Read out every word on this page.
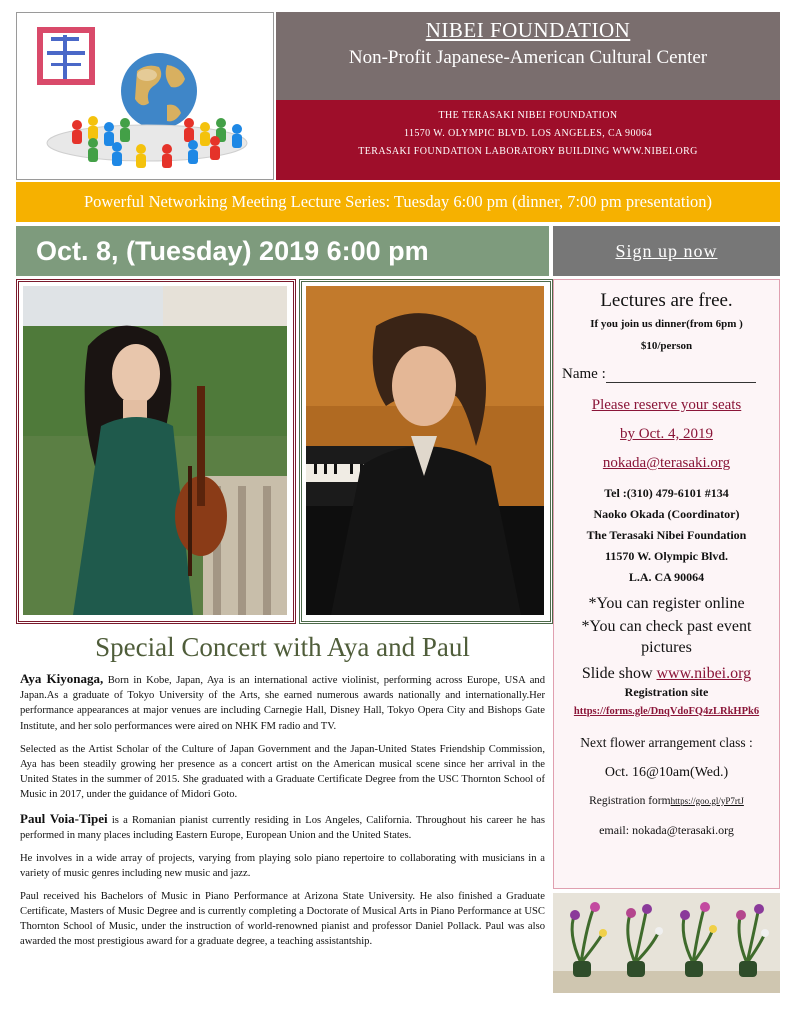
NIBEI FOUNDATION
Non-Profit Japanese-American Cultural Center
THE TERASAKI NIBEI FOUNDATION
11570 W. OLYMPIC BLVD. LOS ANGELES, CA 90064
TERASAKI FOUNDATION LABORATORY BUILDING WWW.NIBEI.ORG
Powerful Networking Meeting Lecture Series: Tuesday 6:00 pm (dinner, 7:00 pm presentation)
Oct. 8, (Tuesday) 2019 6:00 pm	Sign up now
Lectures are free.
If you join us dinner(from 6pm )
$10/person
Name :
Please reserve your seats
by Oct. 4, 2019
nokada@terasaki.org
Tel :(310) 479-6101 #134
Naoko Okada (Coordinator)
The Terasaki Nibei Foundation
11570 W. Olympic Blvd.
L.A. CA 90064
*You can register online
*You can check past event pictures
Slide show www.nibei.org
Registration site
https://forms.gle/DnqVdoFQ4zLRkHPk6
Next flower arrangement class :
Oct. 16@10am(Wed.)
Registration formhttps://goo.gl/yP7rtJ
email: nokada@terasaki.org
Special Concert with Aya and Paul

Aya Kiyonaga, Born in Kobe, Japan, Aya is an international active violinist, performing across Europe, USA and Japan.As a graduate of Tokyo University of the Arts, she earned numerous awards nationally and internationally.Her performance appearances at major venues are including Carnegie Hall, Disney Hall, Tokyo Opera City and Bishops Gate Institute, and her solo performances were aired on NHK FM radio and TV.

Selected as the Artist Scholar of the Culture of Japan Government and the Japan-United States Friendship Commission, Aya has been steadily growing her presence as a concert artist on the American musical scene since her arrival in the United States in the summer of 2015. She graduated with a Graduate Certificate Degree from the USC Thornton School of Music in 2017, under the guidance of Midori Goto.

Paul Voia-Tipei is a Romanian pianist currently residing in Los Angeles, California. Throughout his career he has performed in many places including Eastern Europe, European Union and the United States.

He involves in a wide array of projects, varying from playing solo piano repertoire to collaborating with musicians in a variety of music genres including new music and jazz.

Paul received his Bachelors of Music in Piano Performance at Arizona State University. He also finished a Graduate Certificate, Masters of Music Degree and is currently completing a Doctorate of Musical Arts in Piano Performance at USC Thornton School of Music, under the instruction of world-renowned pianist and professor Daniel Pollack. Paul was also awarded the most prestigious award for a graduate degree, a teaching assistantship.
